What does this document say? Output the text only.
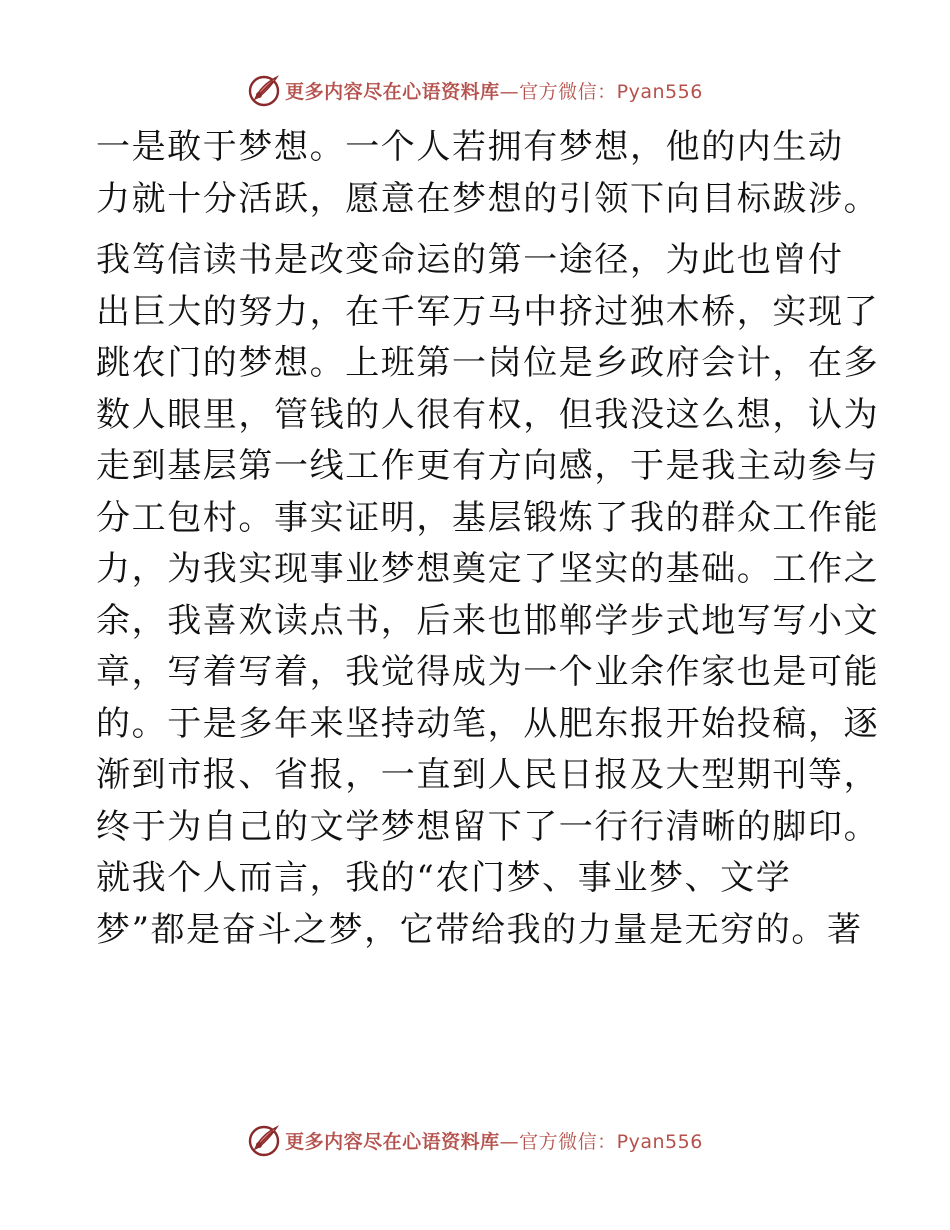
更多内容尽在心语资料库—官方微信：Pyan556

一是敢于梦想。一个人若拥有梦想，他的内生动
力就十分活跃，愿意在梦想的引领下向目标跋涉。

我笃信读书是改变命运的第一途径，为此也曾付
出巨大的努力，在千军万马中挤过独木桥，实现了
跳农门的梦想。上班第一岗位是乡政府会计，在多
数人眼里，管钱的人很有权，但我没这么想，认为
走到基层第一线工作更有方向感，于是我主动参与
分工包村。事实证明，基层锻炼了我的群众工作能
力，为我实现事业梦想奠定了坚实的基础。工作之
余，我喜欢读点书，后来也邯郸学步式地写写小文
章，写着写着，我觉得成为一个业余作家也是可能
的。于是多年来坚持动笔，从肥东报开始投稿，逐
渐到市报、省报，一直到人民日报及大型期刊等，
终于为自己的文学梦想留下了一行行清晰的脚印。
就我个人而言，我的“农门梦、事业梦、文学
梦”都是奋斗之梦，它带给我的力量是无穷的。著

更多内容尽在心语资料库—官方微信：Pyan556
